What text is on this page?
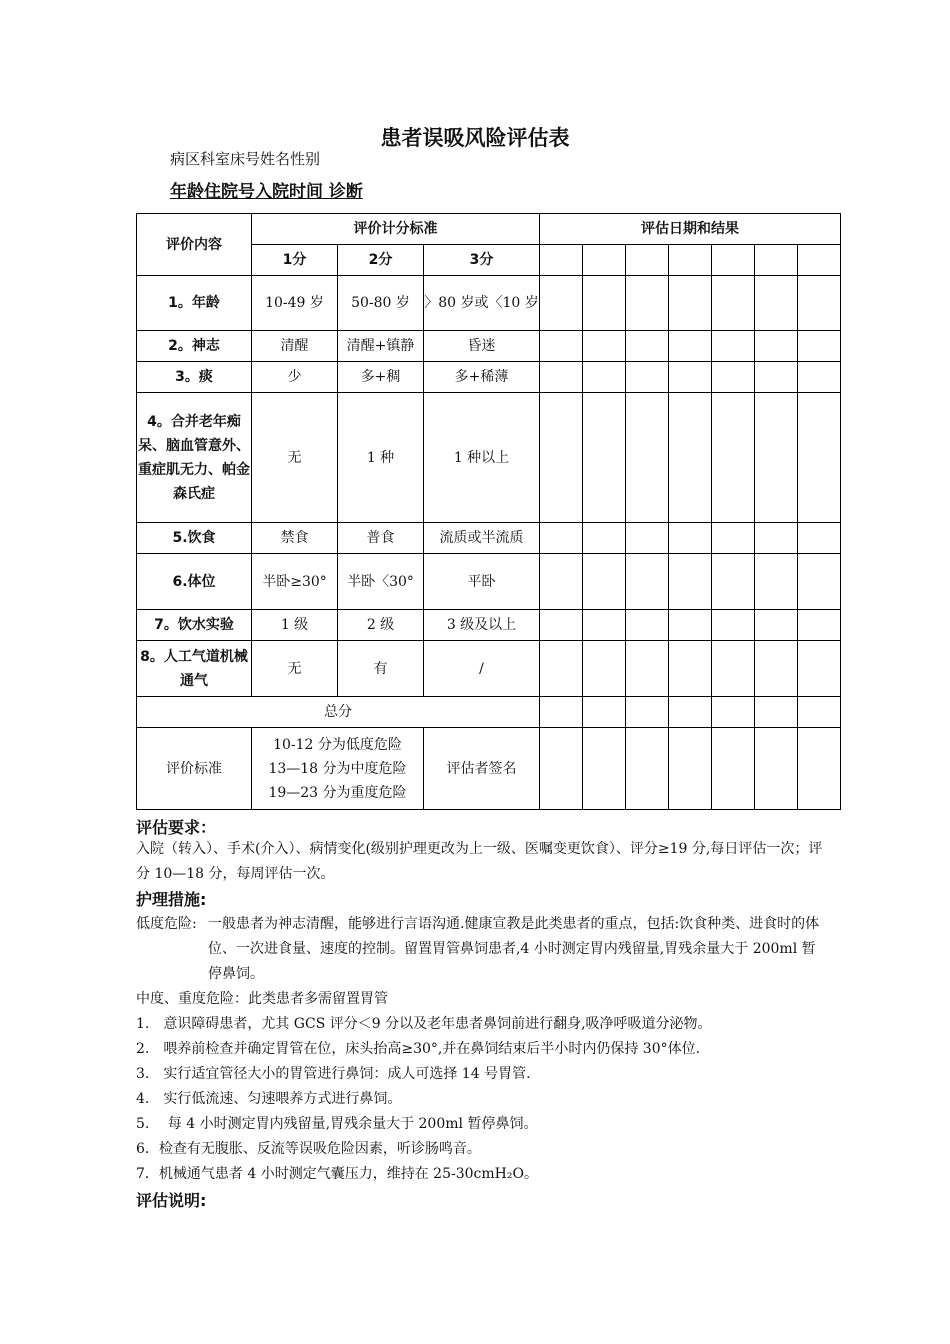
患者误吸风险评估表
病区科室床号姓名性别
年龄住院号入院时间 诊断
评价内容	评价计分标准			评估日期和结果						
	1分	2分	3分							
1。年龄	10-49 岁	50-80 岁	〉80 岁或〈10 岁							
2。神志	清醒	清醒+镇静	昏迷							
3。痰	少	多+稠	多+稀薄							
4。合并老年痴呆、脑血管意外、重症肌无力、帕金森氏症	无	1 种	1 种以上							
5.饮食	禁食	普食	流质或半流质							
6.体位	半卧≥30°	半卧〈30°	平卧							
7。饮水实验	1 级	2 级	3 级及以上							
8。人工气道机械通气	无	有	/							
总分										
评价标准	10-12 分为低度危险
13—18 分为中度危险
19—23 分为重度危险		评估者签名							
评估要求：
入院（转入）、手术(介入）、病情变化(级别护理更改为上一级、医嘱变更饮食）、评分≥19 分,每日评估一次；评分 10—18 分，每周评估一次。
护理措施:
低度危险: 一般患者为神志清醒，能够进行言语沟通.健康宣教是此类患者的重点，包括:饮食种类、进食时的体位、一次进食量、速度的控制。留置胃管鼻饲患者,4 小时测定胃内残留量,胃残余量大于 200ml 暂停鼻饲。
中度、重度危险：此类患者多需留置胃管
1.　意识障碍患者，尤其 GCS 评分＜9 分以及老年患者鼻饲前进行翻身,吸净呼吸道分泌物。
2.　喂养前检查并确定胃管在位，床头抬高≥30°,并在鼻饲结束后半小时内仍保持 30°体位.
3.　实行适宜管径大小的胃管进行鼻饲：成人可选择 14 号胃管.
4.　实行低流速、匀速喂养方式进行鼻饲。
5.　 每 4 小时测定胃内残留量,胃残余量大于 200ml 暂停鼻饲。
6．检查有无腹胀、反流等误吸危险因素，听诊肠鸣音。
7．机械通气患者 4 小时测定气囊压力，维持在 25-30cmH₂O。
评估说明:
